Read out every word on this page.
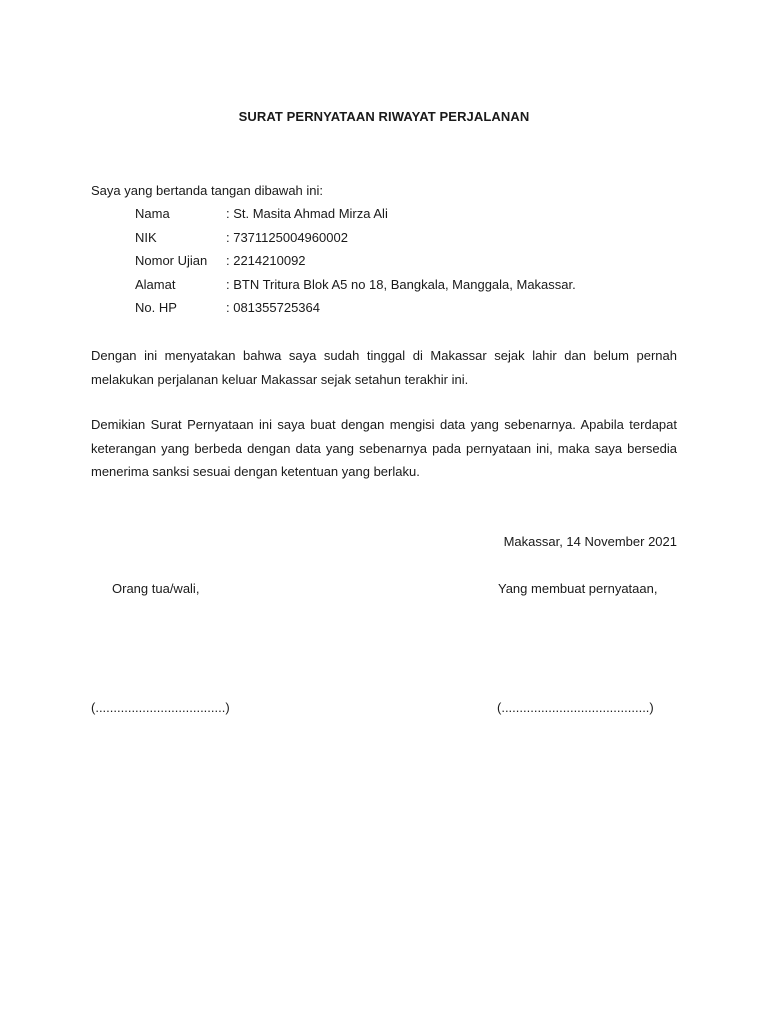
SURAT PERNYATAAN RIWAYAT PERJALANAN
Saya yang bertanda tangan dibawah ini:
Nama	: St. Masita Ahmad Mirza Ali
NIK	: 7371125004960002
Nomor Ujian : 2214210092
Alamat	: BTN Tritura Blok A5 no 18, Bangkala, Manggala, Makassar.
No. HP	: 081355725364
Dengan ini menyatakan bahwa saya sudah tinggal di Makassar sejak lahir dan belum pernah melakukan perjalanan keluar Makassar sejak setahun terakhir ini.
Demikian Surat Pernyataan ini saya buat dengan mengisi data yang sebenarnya. Apabila terdapat keterangan yang berbeda dengan data yang sebenarnya pada pernyataan ini, maka saya bersedia menerima sanksi sesuai dengan ketentuan yang berlaku.
Makassar, 14 November 2021
Orang tua/wali,	Yang membuat pernyataan,
(....................................)	(.........................................)
